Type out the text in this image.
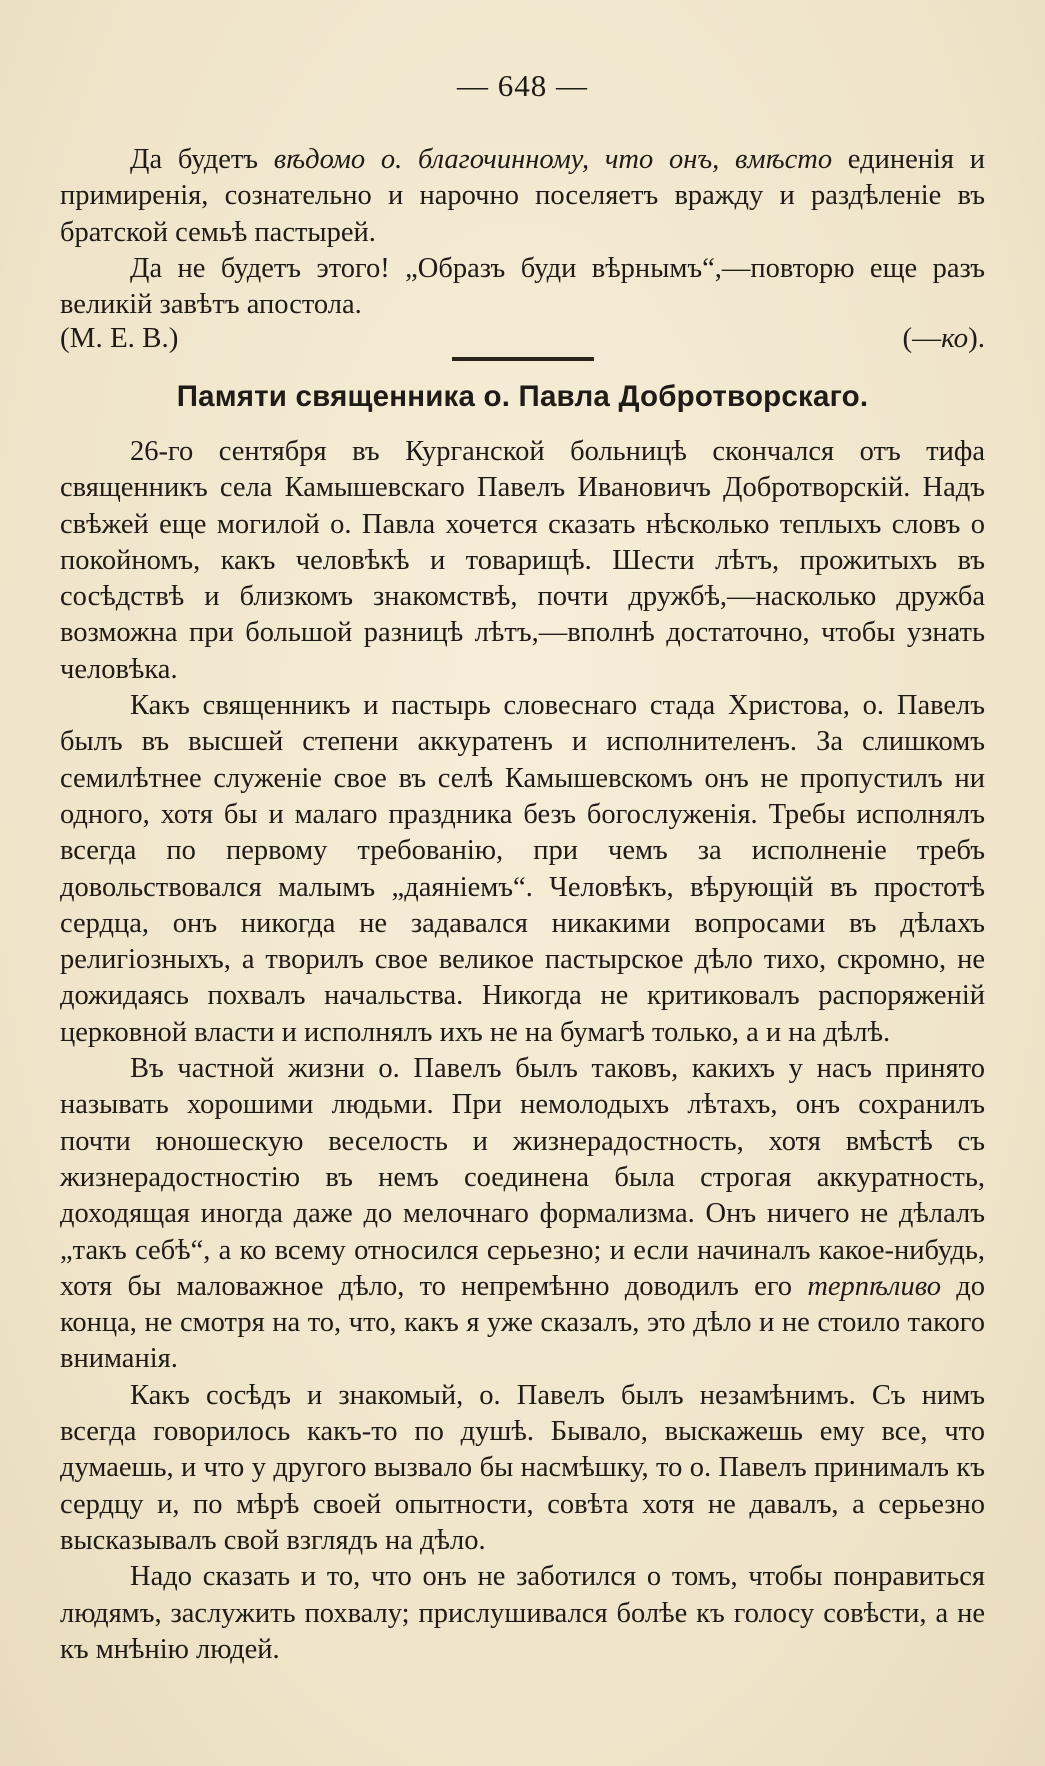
— 648 —

Да будетъ вѣдомо о. благочинному, что онъ, вмѣсто единенія и примиренія, сознательно и нарочно поселяетъ вражду и раздѣленіе въ братской семьѣ пастырей.

Да не будетъ этого! „Образъ буди вѣрнымъ“,—повторю еще разъ великій завѣтъ апостола.

(М. Е. В.)	(—ко).
Памяти священника о. Павла Добротворскаго.

26-го сентября въ Курганской больницѣ скончался отъ тифа священникъ села Камышевскаго Павелъ Ивановичъ Добротворскій. Надъ свѣжей еще могилой о. Павла хочется сказать нѣсколько теплыхъ словъ о покойномъ, какъ человѣкѣ и товарищѣ. Шести лѣтъ, прожитыхъ въ сосѣдствѣ и близкомъ знакомствѣ, почти дружбѣ,—насколько дружба возможна при большой разницѣ лѣтъ,—вполнѣ достаточно, чтобы узнать человѣка.

Какъ священникъ и пастырь словеснаго стада Христова, о. Павелъ былъ въ высшей степени аккуратенъ и исполнителенъ. За слишкомъ семилѣтнее служеніе свое въ селѣ Камышевскомъ онъ не пропустилъ ни одного, хотя бы и малаго праздника безъ богослуженія. Требы исполнялъ всегда по первому требованію, при чемъ за исполненіе требъ довольствовался малымъ „даяніемъ“. Человѣкъ, вѣрующій въ простотѣ сердца, онъ никогда не задавался никакими вопросами въ дѣлахъ религіозныхъ, а творилъ свое великое пастырское дѣло тихо, скромно, не дожидаясь похвалъ начальства. Никогда не критиковалъ распоряженій церковной власти и исполнялъ ихъ не на бумагѣ только, а и на дѣлѣ.

Въ частной жизни о. Павелъ былъ таковъ, какихъ у насъ принято называть хорошими людьми. При немолодыхъ лѣтахъ, онъ сохранилъ почти юношескую веселость и жизнерадостность, хотя вмѣстѣ съ жизнерадостностію въ немъ соединена была строгая аккуратность, доходящая иногда даже до мелочнаго формализма. Онъ ничего не дѣлалъ „такъ себѣ“, а ко всему относился серьезно; и если начиналъ какое-нибудь, хотя бы маловажное дѣло, то непремѣнно доводилъ его терпѣливо до конца, не смотря на то, что, какъ я уже сказалъ, это дѣло и не стоило такого вниманія.

Какъ сосѣдъ и знакомый, о. Павелъ былъ незамѣнимъ. Съ нимъ всегда говорилось какъ-то по душѣ. Бывало, выскажешь ему все, что думаешь, и что у другого вызвало бы насмѣшку, то о. Павелъ принималъ къ сердцу и, по мѣрѣ своей опытности, совѣта хотя не давалъ, а серьезно высказывалъ свой взглядъ на дѣло.

Надо сказать и то, что онъ не заботился о томъ, чтобы понравиться людямъ, заслужить похвалу; прислушивался болѣе къ голосу совѣсти, а не къ мнѣнію людей.
